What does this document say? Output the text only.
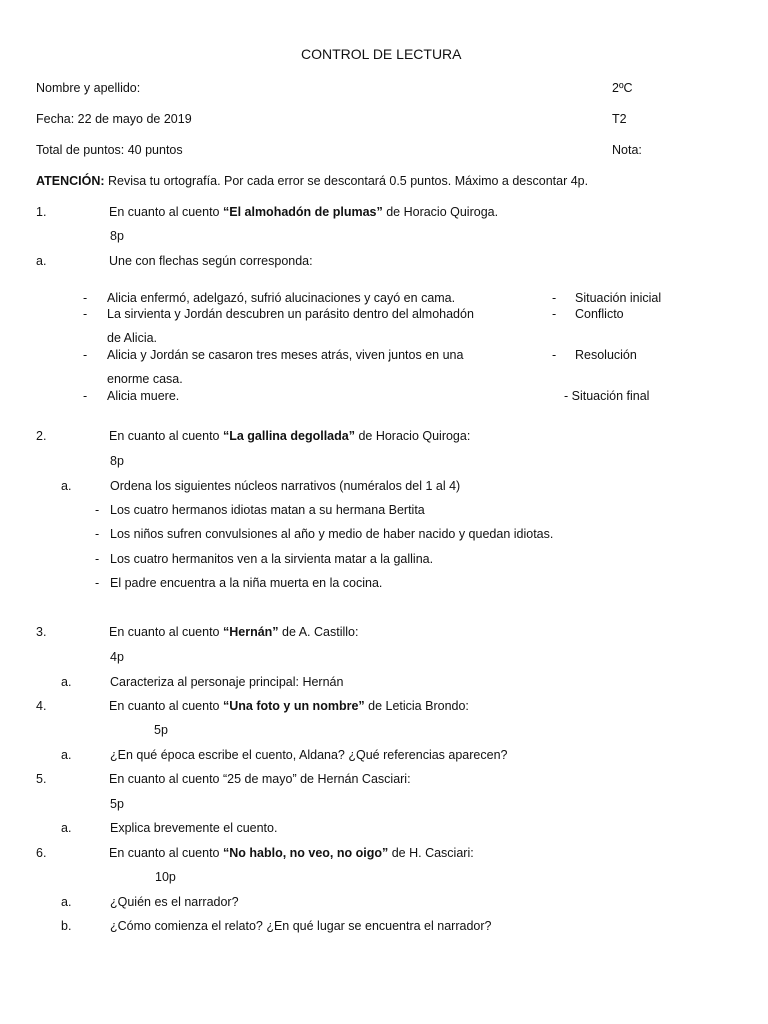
CONTROL DE LECTURA
Nombre y apellido:	2ºC
Fecha: 22 de mayo de 2019	T2
Total de puntos: 40 puntos	Nota:
ATENCIÓN: Revisa tu ortografía. Por cada error se descontará 0.5 puntos. Máximo a descontar 4p.
1.	En cuanto al cuento “El almohadón de plumas” de Horacio Quiroga.
8p
a.	Une con flechas según corresponda:
- Alicia enfermó, adelgazó, sufrió alucinaciones y cayó en cama.	- Situación inicial
- La sirvienta y Jordán descubren un parásito dentro del almohadón	- Conflicto
de Alicia.
- Alicia y Jordán se casaron tres meses atrás, viven juntos en una	- Resolución
enorme casa.
- Alicia muere.	- Situación final
2.	En cuanto al cuento “La gallina degollada” de Horacio Quiroga:
8p
a.	Ordena los siguientes núcleos narrativos (numéralos del 1 al 4)
- Los cuatro hermanos idiotas matan a su hermana Bertita
- Los niños sufren convulsiones al año y medio de haber nacido y quedan idiotas.
- Los cuatro hermanitos ven a la sirvienta matar a la gallina.
- El padre encuentra a la niña muerta en la cocina.
3.	En cuanto al cuento “Hernán” de A. Castillo:
4p
a.	Caracteriza al personaje principal: Hernán
4.	En cuanto al cuento “Una foto y un nombre” de Leticia Brondo:
5p
a.	¿En qué época escribe el cuento, Aldana? ¿Qué referencias aparecen?
5.	En cuanto al cuento “25 de mayo” de Hernán Casciari:
5p
a.	Explica brevemente el cuento.
6.	En cuanto al cuento “No hablo, no veo, no oigo” de H. Casciari:
10p
a.	¿Quién es el narrador?
b.	¿Cómo comienza el relato? ¿En qué lugar se encuentra el narrador?
